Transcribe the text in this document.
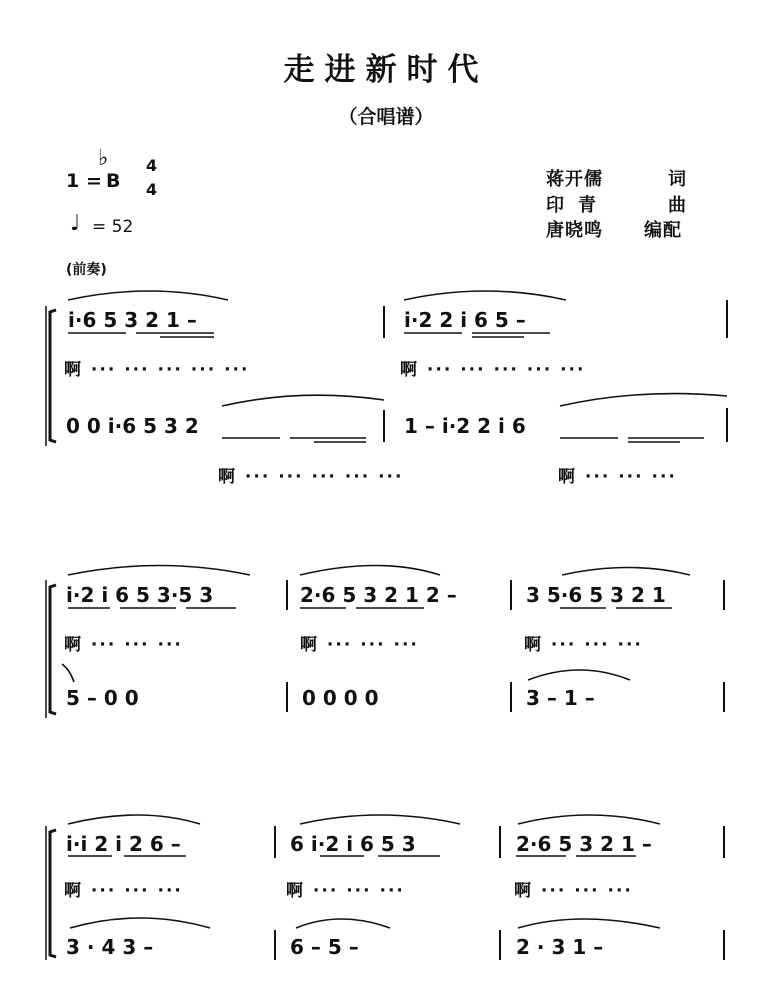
走进新时代
（合唱谱）
1 =
♭
B
4
4
♩ = 52
蒋开儒	词
印青	曲
唐晓鸣 编配
(前奏)
i·6 5 3 2 1 –	i·2 2 i 6 5 –
啊 ··· ··· ··· ··· ···	啊 ··· ··· ··· ··· ···
0 0 i·6 5 3 2	1 – i·2 2 i 6
啊 ··· ··· ··· ··· ···	啊 ··· ··· ···
i·2 i 6 5 3·5 3	2·6 5 3 2 1 2 –	3 5·6 5 3 2 1
啊 ··· ··· ···	啊 ··· ··· ···	啊 ··· ··· ···
5 – 0 0	0 0 0 0	3 – 1 –
i·i 2 i 2 6 –	6 i·2 i 6 5 3	2·6 5 3 2 1 –
啊 ··· ··· ···	啊 ··· ··· ···	啊 ··· ··· ···
3 · 4 3 –	6 – 5 –	2 · 3 1 –
